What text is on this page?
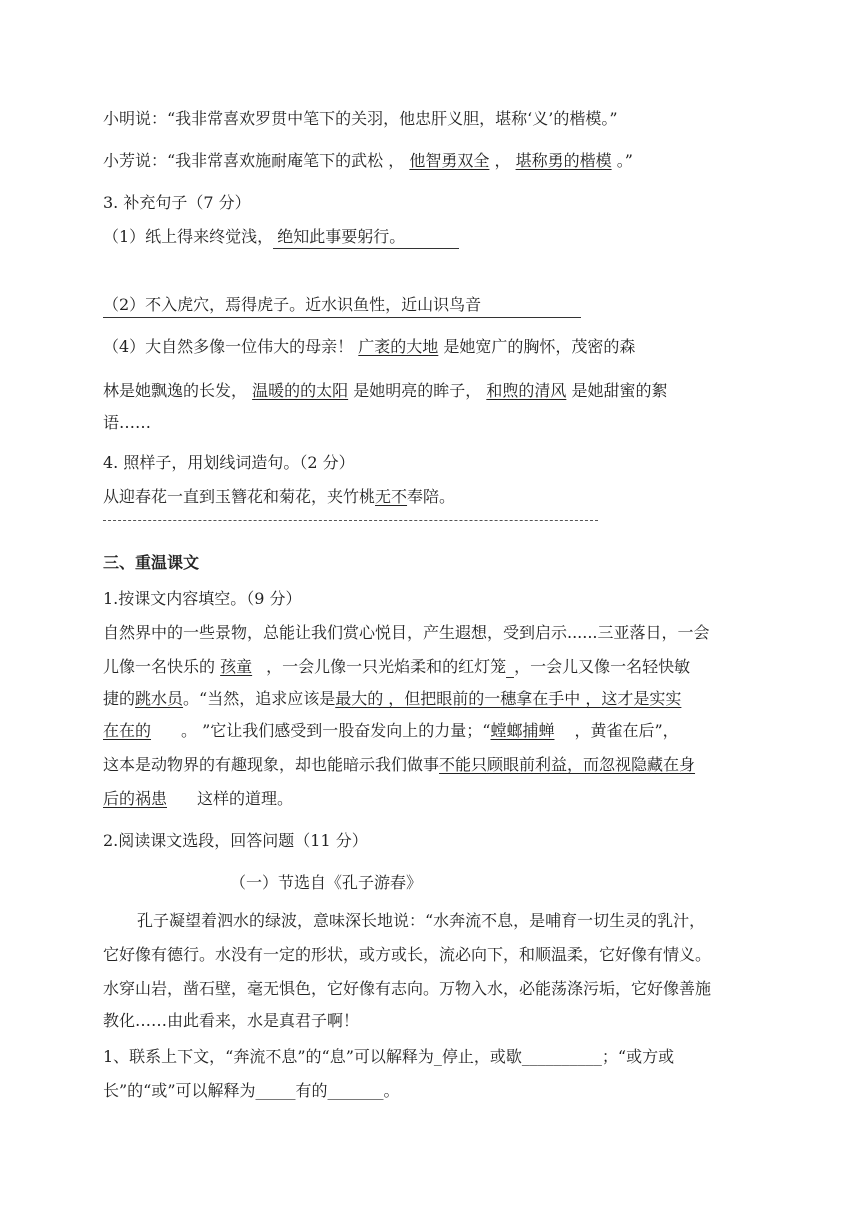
小明说：“我非常喜欢罗贯中笔下的关羽，他忠肝义胆，堪称‘义’的楷模。”
小芳说：“我非常喜欢施耐庵笔下的武松 ， 他智勇双全 ， 堪称勇的楷模 。”
3. 补充句子（7 分）
（1）纸上得来终觉浅， 绝知此事要躬行。
（2）不入虎穴，焉得虎子。近水识鱼性，近山识鸟音
（4）大自然多像一位伟大的母亲！ 广袤的大地 是她宽广的胸怀，茂密的森
林是她飘逸的长发， 温暖的的太阳 是她明亮的眸子， 和煦的清风 是她甜蜜的絮
语……
4. 照样子，用划线词造句。（2 分）
从迎春花一直到玉簪花和菊花，夹竹桃无不奉陪。
三、重温课文
1.按课文内容填空。（9 分）
自然界中的一些景物，总能让我们赏心悦目，产生遐想，受到启示......三亚落日，一会
儿像一名快乐的 孩童 ，一会儿像一只光焰柔和的红灯笼 ，一会儿又像一名轻快敏
捷的跳水员。“当然，追求应该是最大的 ，但把眼前的一穗拿在手中 ，这才是实实
在在的 。 ”它让我们感受到一股奋发向上的力量；“螳螂捕蝉 ，黄雀在后”，
这本是动物界的有趣现象，却也能暗示我们做事不能只顾眼前利益，而忽视隐藏在身
后的祸患 这样的道理。
2.阅读课文选段，回答问题（11 分）
（一）节选自《孔子游春》
孔子凝望着泗水的绿波，意味深长地说：“水奔流不息，是哺育一切生灵的乳汁，
它好像有德行。水没有一定的形状，或方或长，流必向下，和顺温柔，它好像有情义。
水穿山岩，凿石壁，毫无惧色，它好像有志向。万物入水，必能荡涤污垢，它好像善施
教化……由此看来，水是真君子啊！
1、联系上下文，“奔流不息”的“息”可以解释为_停止，或歇__________；“或方或
长”的“或”可以解释为_____有的_______。
